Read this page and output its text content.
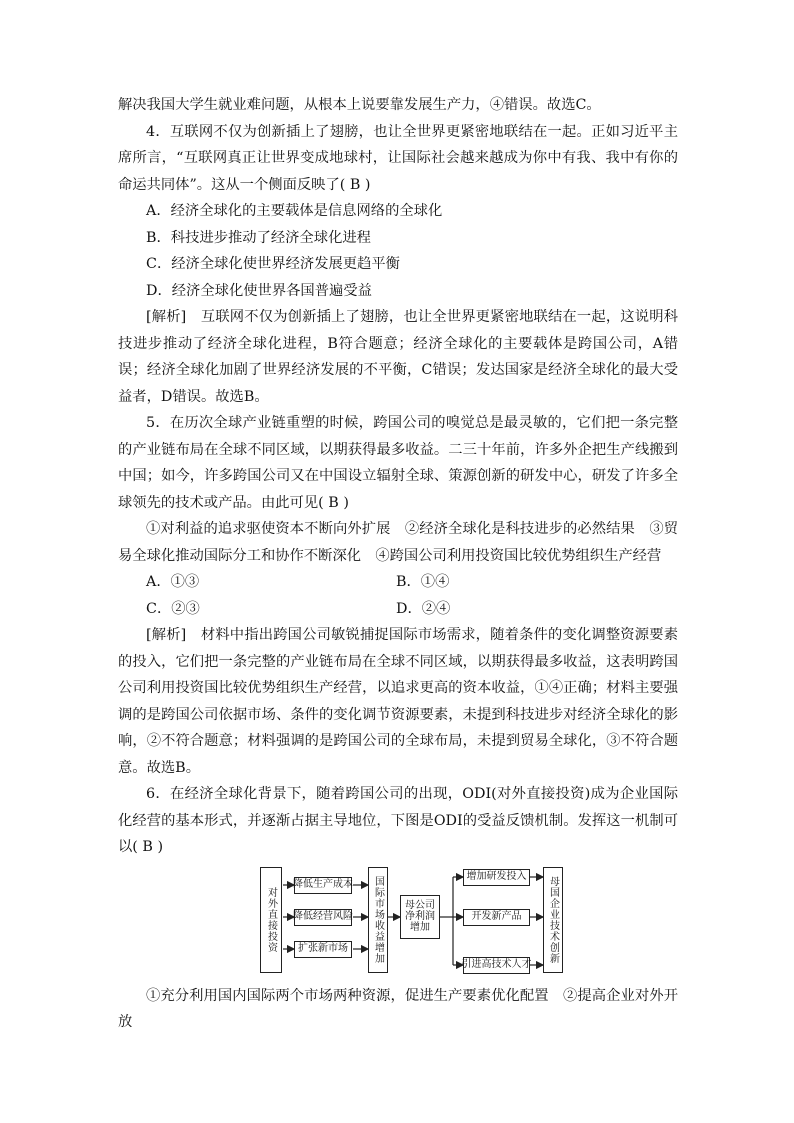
解决我国大学生就业难问题，从根本上说要靠发展生产力，④错误。故选C。

4．互联网不仅为创新插上了翅膀，也让全世界更紧密地联结在一起。正如习近平主席所言，“互联网真正让世界变成地球村，让国际社会越来越成为你中有我、我中有你的命运共同体”。这从一个侧面反映了( B )

A．经济全球化的主要载体是信息网络的全球化

B．科技进步推动了经济全球化进程

C．经济全球化使世界经济发展更趋平衡

D．经济全球化使世界各国普遍受益

[解析]　互联网不仅为创新插上了翅膀，也让全世界更紧密地联结在一起，这说明科技进步推动了经济全球化进程，B符合题意；经济全球化的主要载体是跨国公司，A错误；经济全球化加剧了世界经济发展的不平衡，C错误；发达国家是经济全球化的最大受益者，D错误。故选B。

5．在历次全球产业链重塑的时候，跨国公司的嗅觉总是最灵敏的，它们把一条完整的产业链布局在全球不同区域，以期获得最多收益。二三十年前，许多外企把生产线搬到中国；如今，许多跨国公司又在中国设立辐射全球、策源创新的研发中心，研发了许多全球领先的技术或产品。由此可见( B )

①对利益的追求驱使资本不断向外扩展　②经济全球化是科技进步的必然结果　③贸易全球化推动国际分工和协作不断深化　④跨国公司利用投资国比较优势组织生产经营

A．①③	B．①④
C．②③	D．②④

[解析]　材料中指出跨国公司敏锐捕捉国际市场需求，随着条件的变化调整资源要素的投入，它们把一条完整的产业链布局在全球不同区域，以期获得最多收益，这表明跨国公司利用投资国比较优势组织生产经营，以追求更高的资本收益，①④正确；材料主要强调的是跨国公司依据市场、条件的变化调节资源要素，未提到科技进步对经济全球化的影响，②不符合题意；材料强调的是跨国公司的全球布局，未提到贸易全球化，③不符合题意。故选B。

6．在经济全球化背景下，随着跨国公司的出现，ODI(对外直接投资)成为企业国际化经营的基本形式，并逐渐占据主导地位，下图是ODI的受益反馈机制。发挥这一机制可以( B )

对外直接投资
降低生产成本
降低经营风险
扩张新市场 国际市场收益增加 母公司净利润增加
增加研发投入
开发新产品
引进高技术人才
母国企业技术创新

①充分利用国内国际两个市场两种资源，促进生产要素优化配置　②提高企业对外开放
